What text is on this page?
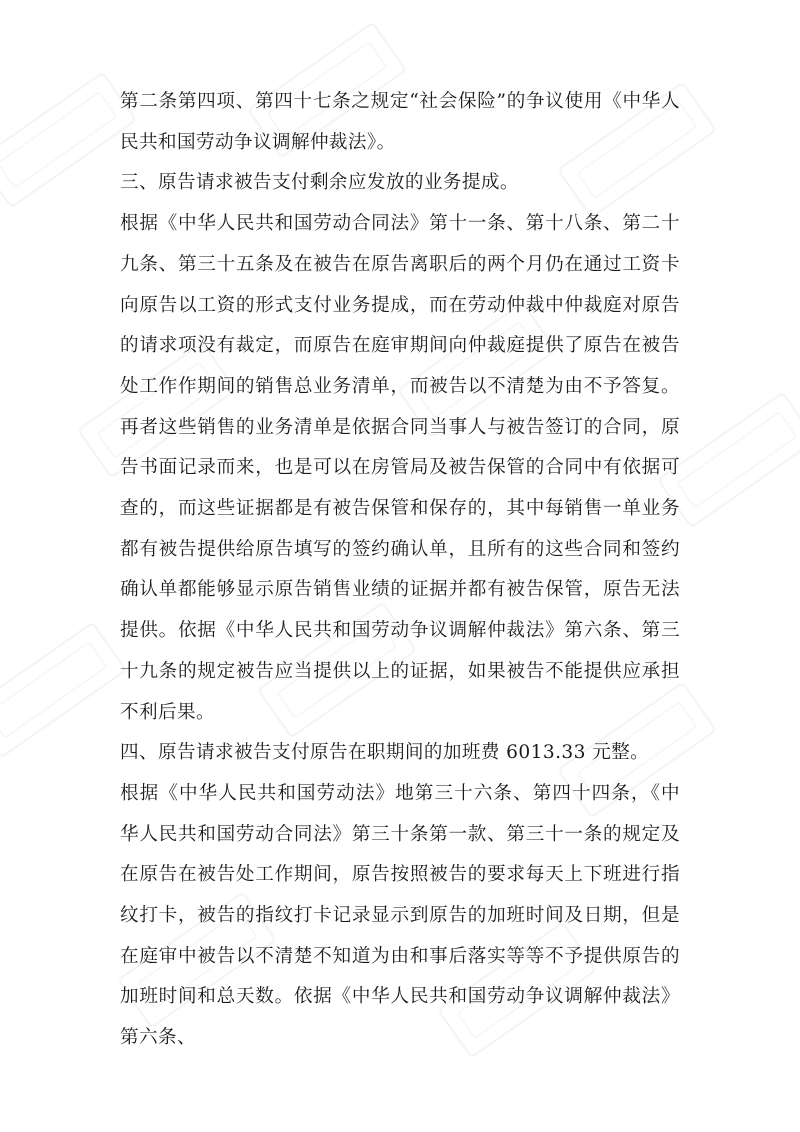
第二条第四项、第四十七条之规定“社会保险”的争议使用《中华人民共和国劳动争议调解仲裁法》。

三、原告请求被告支付剩余应发放的业务提成。

根据《中华人民共和国劳动合同法》第十一条、第十八条、第二十九条、第三十五条及在被告在原告离职后的两个月仍在通过工资卡向原告以工资的形式支付业务提成，而在劳动仲裁中仲裁庭对原告的请求项没有裁定，而原告在庭审期间向仲裁庭提供了原告在被告处工作作期间的销售总业务清单，而被告以不清楚为由不予答复。再者这些销售的业务清单是依据合同当事人与被告签订的合同，原告书面记录而来，也是可以在房管局及被告保管的合同中有依据可查的，而这些证据都是有被告保管和保存的，其中每销售一单业务都有被告提供给原告填写的签约确认单，且所有的这些合同和签约确认单都能够显示原告销售业绩的证据并都有被告保管，原告无法提供。依据《中华人民共和国劳动争议调解仲裁法》第六条、第三十九条的规定被告应当提供以上的证据，如果被告不能提供应承担不利后果。

四、原告请求被告支付原告在职期间的加班费 6013.33 元整。

根据《中华人民共和国劳动法》地第三十六条、第四十四条，《中华人民共和国劳动合同法》第三十条第一款、第三十一条的规定及在原告在被告处工作期间，原告按照被告的要求每天上下班进行指纹打卡，被告的指纹打卡记录显示到原告的加班时间及日期，但是在庭审中被告以不清楚不知道为由和事后落实等等不予提供原告的加班时间和总天数。依据《中华人民共和国劳动争议调解仲裁法》第六条、
